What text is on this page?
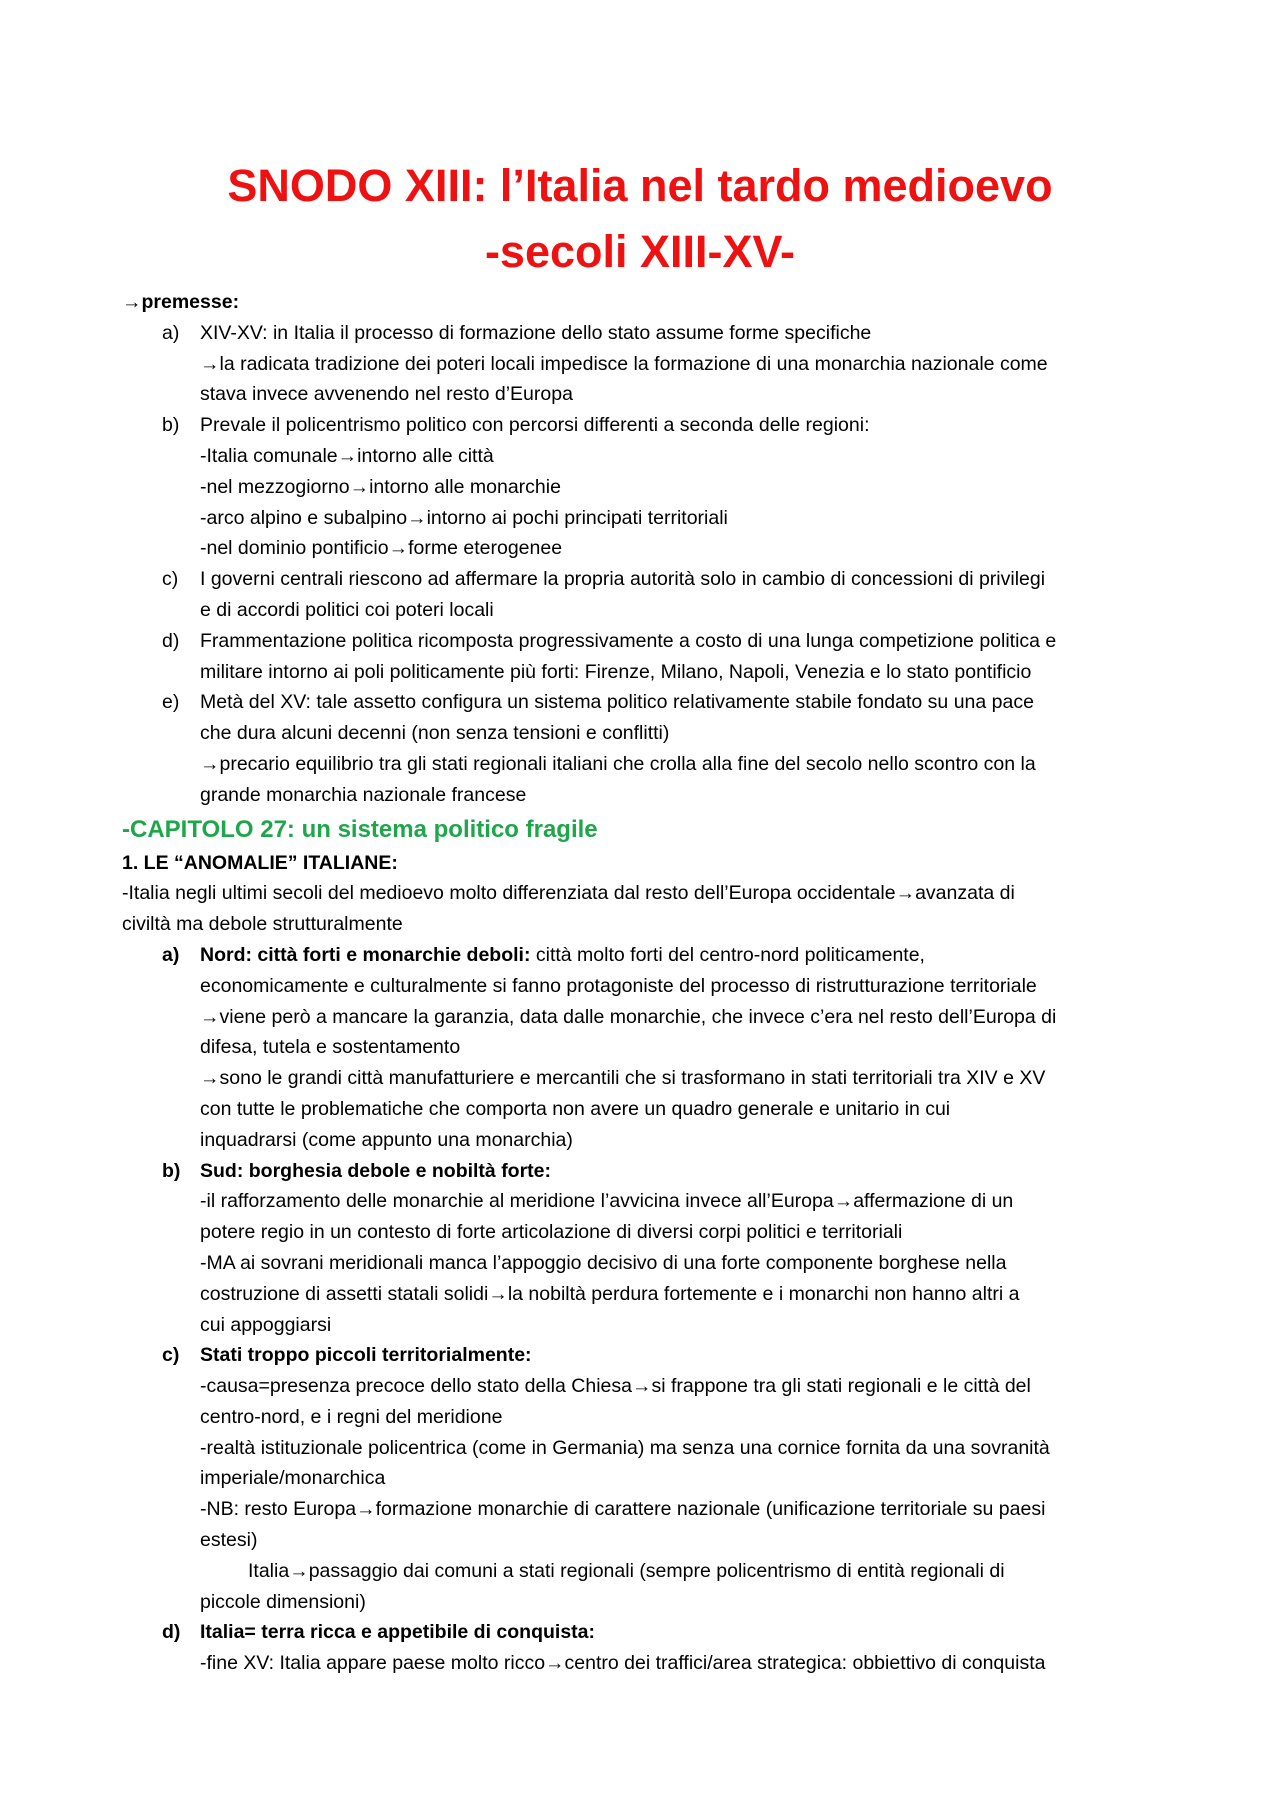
SNODO XIII: l’Italia nel tardo medioevo
-secoli XIII-XV-

→premesse:

a)	XIV-XV: in Italia il processo di formazione dello stato assume forme specifiche

→la radicata tradizione dei poteri locali impedisce la formazione di una monarchia nazionale come

stava invece avvenendo nel resto d’Europa

b)	Prevale il policentrismo politico con percorsi differenti a seconda delle regioni:

-Italia comunale→intorno alle città

-nel mezzogiorno→intorno alle monarchie

-arco alpino e subalpino→intorno ai pochi principati territoriali

-nel dominio pontificio→forme eterogenee

c)	I governi centrali riescono ad affermare la propria autorità solo in cambio di concessioni di privilegi

e di accordi politici coi poteri locali

d)	Frammentazione politica ricomposta progressivamente a costo di una lunga competizione politica e

militare intorno ai poli politicamente più forti: Firenze, Milano, Napoli, Venezia e lo stato pontificio

e)	Metà del XV: tale assetto configura un sistema politico relativamente stabile fondato su una pace

che dura alcuni decenni (non senza tensioni e conflitti)

→precario equilibrio tra gli stati regionali italiani che crolla alla fine del secolo nello scontro con la

grande monarchia nazionale francese

-CAPITOLO 27: un sistema politico fragile

1. LE “ANOMALIE” ITALIANE:

-Italia negli ultimi secoli del medioevo molto differenziata dal resto dell’Europa occidentale→avanzata di

civiltà ma debole strutturalmente

a)	Nord: città forti e monarchie deboli: città molto forti del centro-nord politicamente,

economicamente e culturalmente si fanno protagoniste del processo di ristrutturazione territoriale

→viene però a mancare la garanzia, data dalle monarchie, che invece c’era nel resto dell’Europa di

difesa, tutela e sostentamento

→sono le grandi città manufatturiere e mercantili che si trasformano in stati territoriali tra XIV e XV

con tutte le problematiche che comporta non avere un quadro generale e unitario in cui

inquadrarsi (come appunto una monarchia)

b)	Sud: borghesia debole e nobiltà forte:

-il rafforzamento delle monarchie al meridione l’avvicina invece all’Europa→affermazione di un

potere regio in un contesto di forte articolazione di diversi corpi politici e territoriali

-MA ai sovrani meridionali manca l’appoggio decisivo di una forte componente borghese nella

costruzione di assetti statali solidi→la nobiltà perdura fortemente e i monarchi non hanno altri a

cui appoggiarsi

c)	Stati troppo piccoli territorialmente:

-causa=presenza precoce dello stato della Chiesa→si frappone tra gli stati regionali e le città del

centro-nord, e i regni del meridione

-realtà istituzionale policentrica (come in Germania) ma senza una cornice fornita da una sovranità

imperiale/monarchica

-NB: resto Europa→formazione monarchie di carattere nazionale (unificazione territoriale su paesi

estesi)

Italia→passaggio dai comuni a stati regionali (sempre policentrismo di entità regionali di

piccole dimensioni)

d)	Italia= terra ricca e appetibile di conquista:

-fine XV: Italia appare paese molto ricco→centro dei traffici/area strategica: obbiettivo di conquista
